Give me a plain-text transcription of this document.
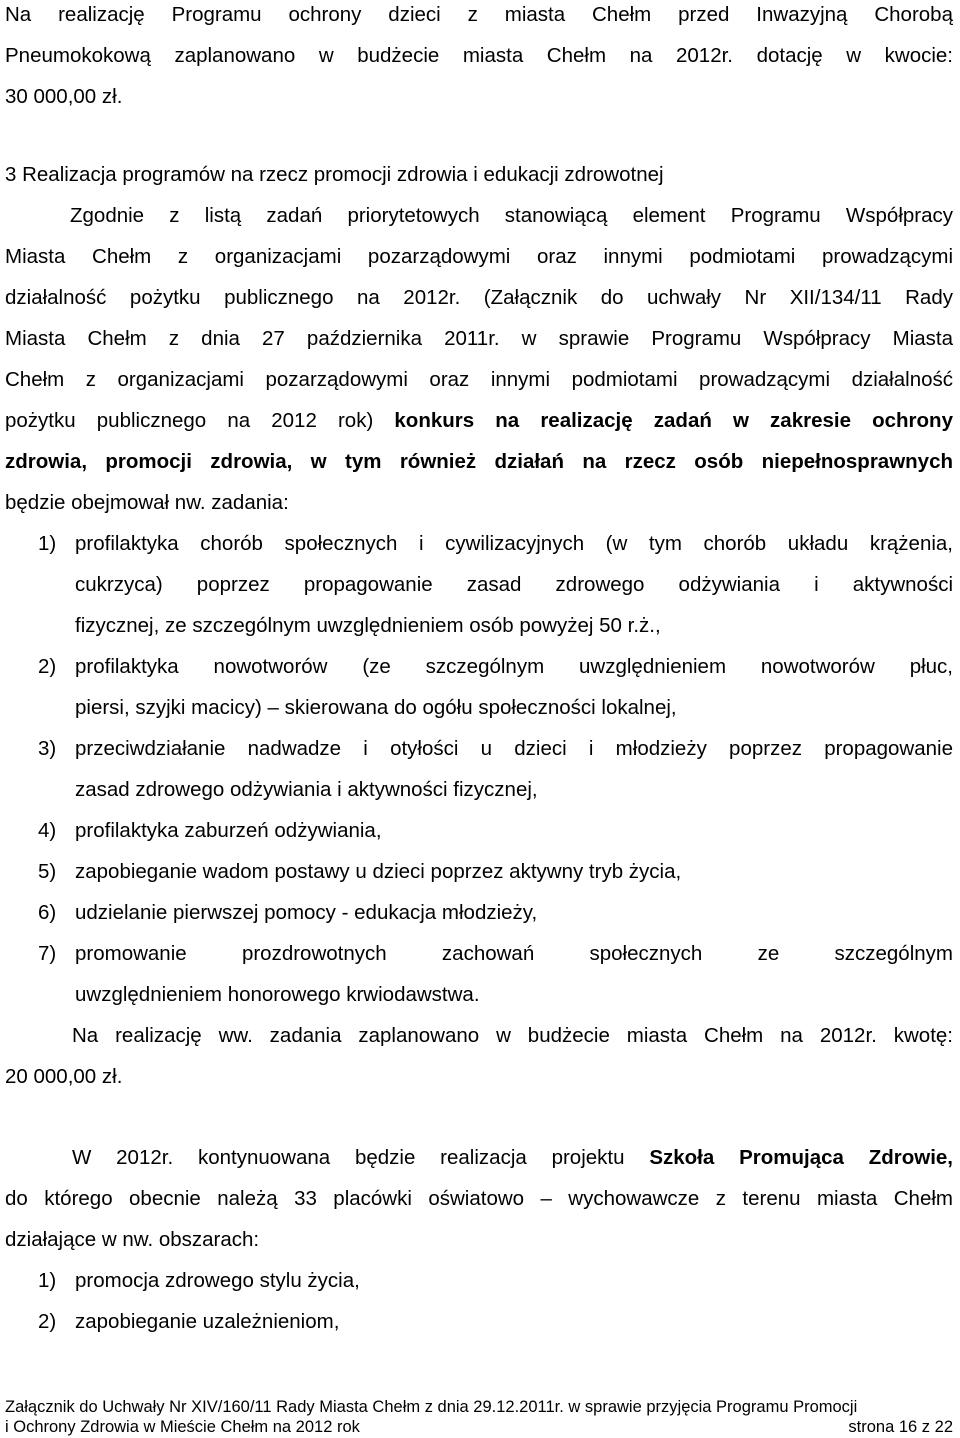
Na realizację Programu ochrony dzieci z miasta Chełm przed Inwazyjną Chorobą
Pneumokokową zaplanowano w budżecie miasta Chełm na 2012r. dotację w kwocie:
30 000,00 zł.
3 Realizacja programów na rzecz promocji zdrowia i edukacji zdrowotnej
Zgodnie z listą zadań priorytetowych stanowiącą element Programu Współpracy
Miasta Chełm z organizacjami pozarządowymi oraz innymi podmiotami prowadzącymi
działalność pożytku publicznego na 2012r. (Załącznik do uchwały Nr XII/134/11 Rady
Miasta Chełm z dnia 27 października 2011r. w sprawie Programu Współpracy Miasta
Chełm z organizacjami pozarządowymi oraz innymi podmiotami prowadzącymi działalność
pożytku publicznego na 2012 rok) konkurs na realizację zadań w zakresie ochrony
zdrowia, promocji zdrowia, w tym również działań na rzecz osób niepełnosprawnych
będzie obejmował nw. zadania:
1) profilaktyka chorób społecznych i cywilizacyjnych (w tym chorób układu krążenia,
cukrzyca) poprzez propagowanie zasad zdrowego odżywiania i aktywności
fizycznej, ze szczególnym uwzględnieniem osób powyżej 50 r.ż.,
2) profilaktyka nowotworów (ze szczególnym uwzględnieniem nowotworów płuc,
piersi, szyjki macicy) – skierowana do ogółu społeczności lokalnej,
3) przeciwdziałanie nadwadze i otyłości u dzieci i młodzieży poprzez propagowanie
zasad zdrowego odżywiania i aktywności fizycznej,
4) profilaktyka zaburzeń odżywiania,
5) zapobieganie wadom postawy u dzieci poprzez aktywny tryb życia,
6) udzielanie pierwszej pomocy - edukacja młodzieży,
7) promowanie prozdrowotnych zachowań społecznych ze szczególnym
uwzględnieniem honorowego krwiodawstwa.
Na realizację ww. zadania zaplanowano w budżecie miasta Chełm na 2012r. kwotę:
20 000,00 zł.
W 2012r. kontynuowana będzie realizacja projektu Szkoła Promująca Zdrowie,
do którego obecnie należą 33 placówki oświatowo – wychowawcze z terenu miasta Chełm
działające w nw. obszarach:
1) promocja zdrowego stylu życia,
2) zapobieganie uzależnieniom,
Załącznik do Uchwały Nr XIV/160/11 Rady Miasta Chełm z dnia 29.12.2011r. w sprawie przyjęcia Programu Promocji
i Ochrony Zdrowia w Mieście Chełm na 2012 rok	strona 16 z 22
